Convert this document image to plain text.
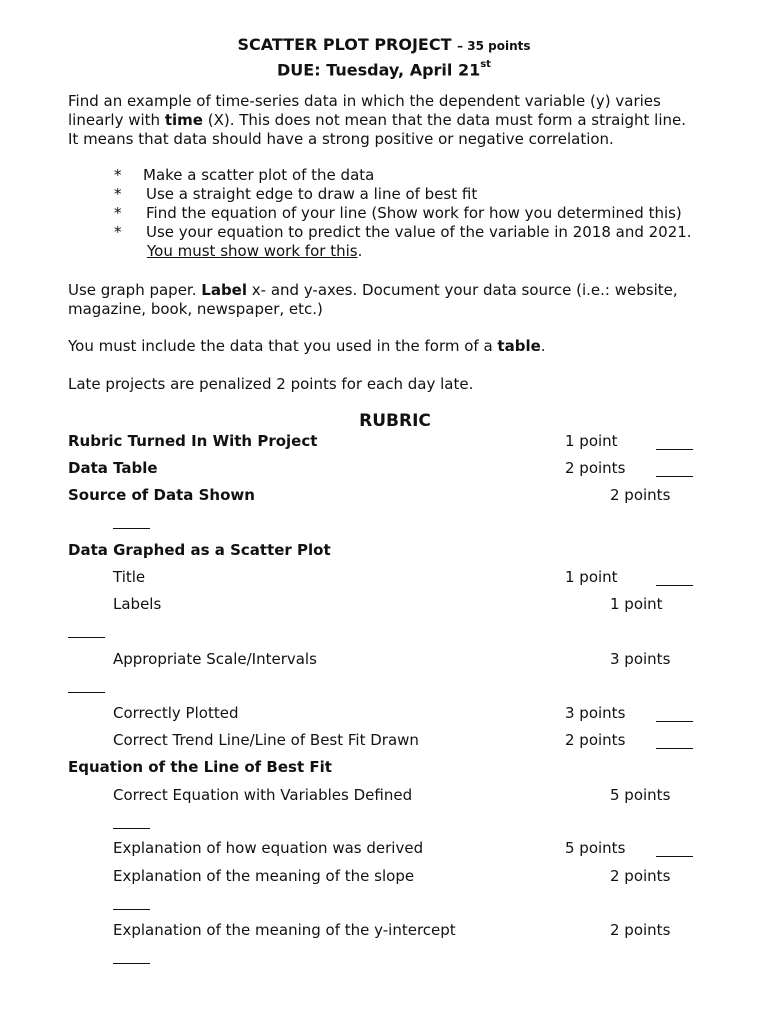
SCATTER PLOT PROJECT – 35 points
DUE: Tuesday, April 21st
Find an example of time-series data in which the dependent variable (y) varies
linearly with time (X). This does not mean that the data must form a straight line.
It means that data should have a strong positive or negative correlation.
* Make a scatter plot of the data
* Use a straight edge to draw a line of best fit
* Find the equation of your line (Show work for how you determined this)
* Use your equation to predict the value of the variable in 2018 and 2021.
You must show work for this.
Use graph paper. Label x- and y-axes. Document your data source (i.e.: website,
magazine, book, newspaper, etc.)
You must include the data that you used in the form of a table.
Late projects are penalized 2 points for each day late.
RUBRIC
Rubric Turned In With Project	1 point
Data Table	2 points
Source of Data Shown	2 points
Data Graphed as a Scatter Plot
Title	1 point
Labels	1 point
Appropriate Scale/Intervals	3 points
Correctly Plotted	3 points
Correct Trend Line/Line of Best Fit Drawn	2 points
Equation of the Line of Best Fit
Correct Equation with Variables Defined	5 points
Explanation of how equation was derived	5 points
Explanation of the meaning of the slope	2 points
Explanation of the meaning of the y-intercept	2 points
